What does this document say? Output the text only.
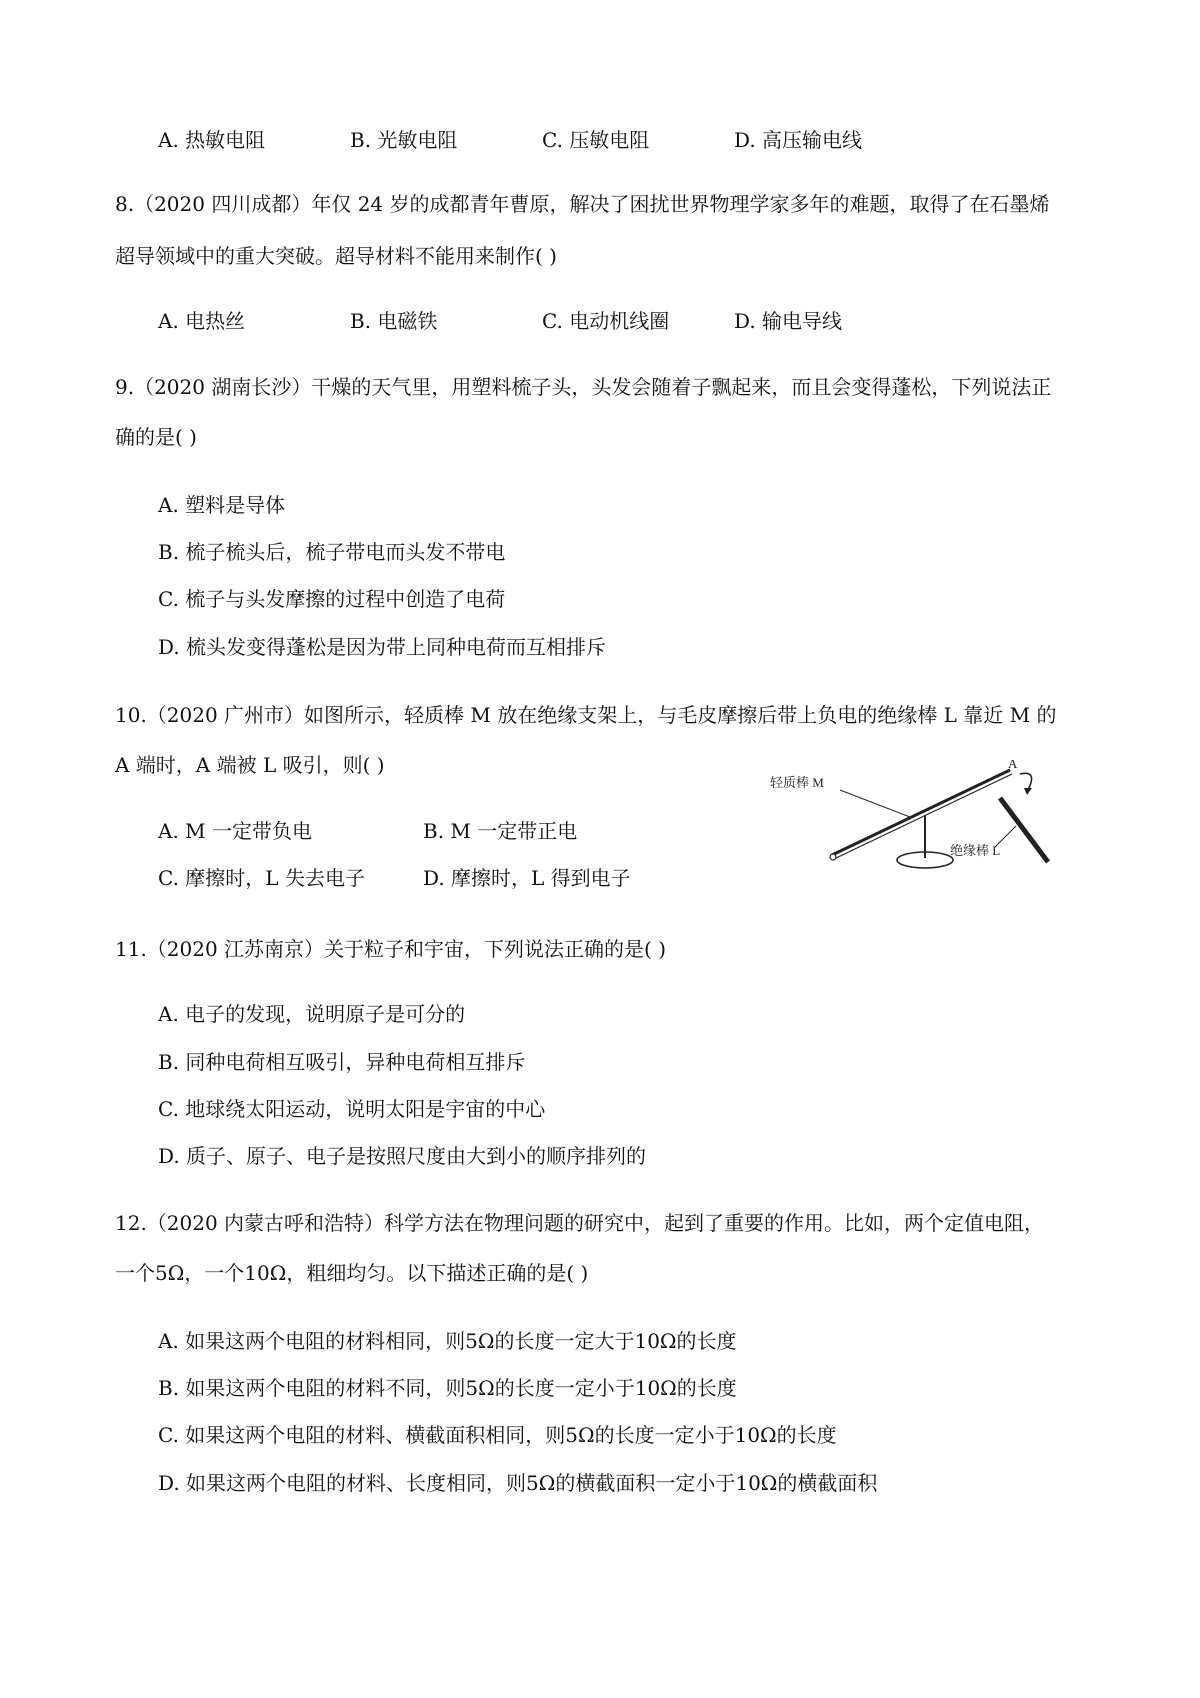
A. 热敏电阻	B. 光敏电阻	C. 压敏电阻	D. 高压输电线
8.（2020 四川成都）年仅 24 岁的成都青年曹原，解决了困扰世界物理学家多年的难题，取得了在石墨烯
超导领域中的重大突破。超导材料不能用来制作( )
A. 电热丝	B. 电磁铁	C. 电动机线圈	D. 输电导线
9.（2020 湖南长沙）干燥的天气里，用塑料梳子头，头发会随着子飘起来，而且会变得蓬松，下列说法正
确的是( )
A. 塑料是导体
B. 梳子梳头后，梳子带电而头发不带电
C. 梳子与头发摩擦的过程中创造了电荷
D. 梳头发变得蓬松是因为带上同种电荷而互相排斥
10.（2020 广州市）如图所示，轻质棒 M 放在绝缘支架上，与毛皮摩擦后带上负电的绝缘棒 L 靠近 M 的
A 端时，A 端被 L 吸引，则( )
A. M 一定带负电	B. M 一定带正电
C. 摩擦时，L 失去电子	D. 摩擦时，L 得到电子
轻质棒 M
A
绝缘棒 L
11.（2020 江苏南京）关于粒子和宇宙，下列说法正确的是( )
A. 电子的发现，说明原子是可分的
B. 同种电荷相互吸引，异种电荷相互排斥
C. 地球绕太阳运动，说明太阳是宇宙的中心
D. 质子、原子、电子是按照尺度由大到小的顺序排列的
12.（2020 内蒙古呼和浩特）科学方法在物理问题的研究中，起到了重要的作用。比如，两个定值电阻，
一个5Ω，一个10Ω，粗细均匀。以下描述正确的是( )
A. 如果这两个电阻的材料相同，则5Ω的长度一定大于10Ω的长度
B. 如果这两个电阻的材料不同，则5Ω的长度一定小于10Ω的长度
C. 如果这两个电阻的材料、横截面积相同，则5Ω的长度一定小于10Ω的长度
D. 如果这两个电阻的材料、长度相同，则5Ω的横截面积一定小于10Ω的横截面积
